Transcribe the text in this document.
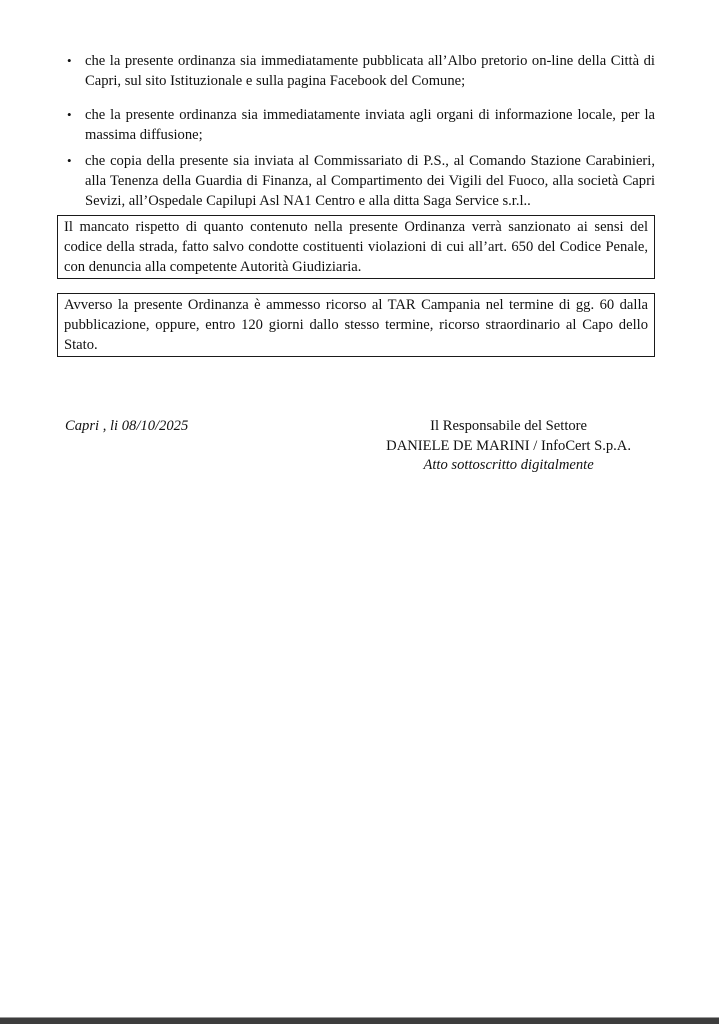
• che la presente ordinanza sia immediatamente pubblicata all’Albo pretorio on-line della Città di Capri, sul sito Istituzionale e sulla pagina Facebook del Comune;
• che la presente ordinanza sia immediatamente inviata agli organi di informazione locale, per la massima diffusione;
• che copia della presente sia inviata al Commissariato di P.S., al Comando Stazione Carabinieri, alla Tenenza della Guardia di Finanza, al Compartimento dei Vigili del Fuoco, alla società Capri Sevizi, all’Ospedale Capilupi Asl NA1 Centro e alla ditta Saga Service s.r.l..
Il mancato rispetto di quanto contenuto nella presente Ordinanza verrà sanzionato ai sensi del codice della strada, fatto salvo condotte costituenti violazioni di cui all’art. 650 del Codice Penale, con denuncia alla competente Autorità Giudiziaria.
Avverso la presente Ordinanza è ammesso ricorso al TAR Campania nel termine di gg. 60 dalla pubblicazione, oppure, entro 120 giorni dallo stesso termine, ricorso straordinario al Capo dello Stato.
Capri , li 08/10/2025	Il Responsabile del Settore
DANIELE DE MARINI / InfoCert S.p.A.
Atto sottoscritto digitalmente
